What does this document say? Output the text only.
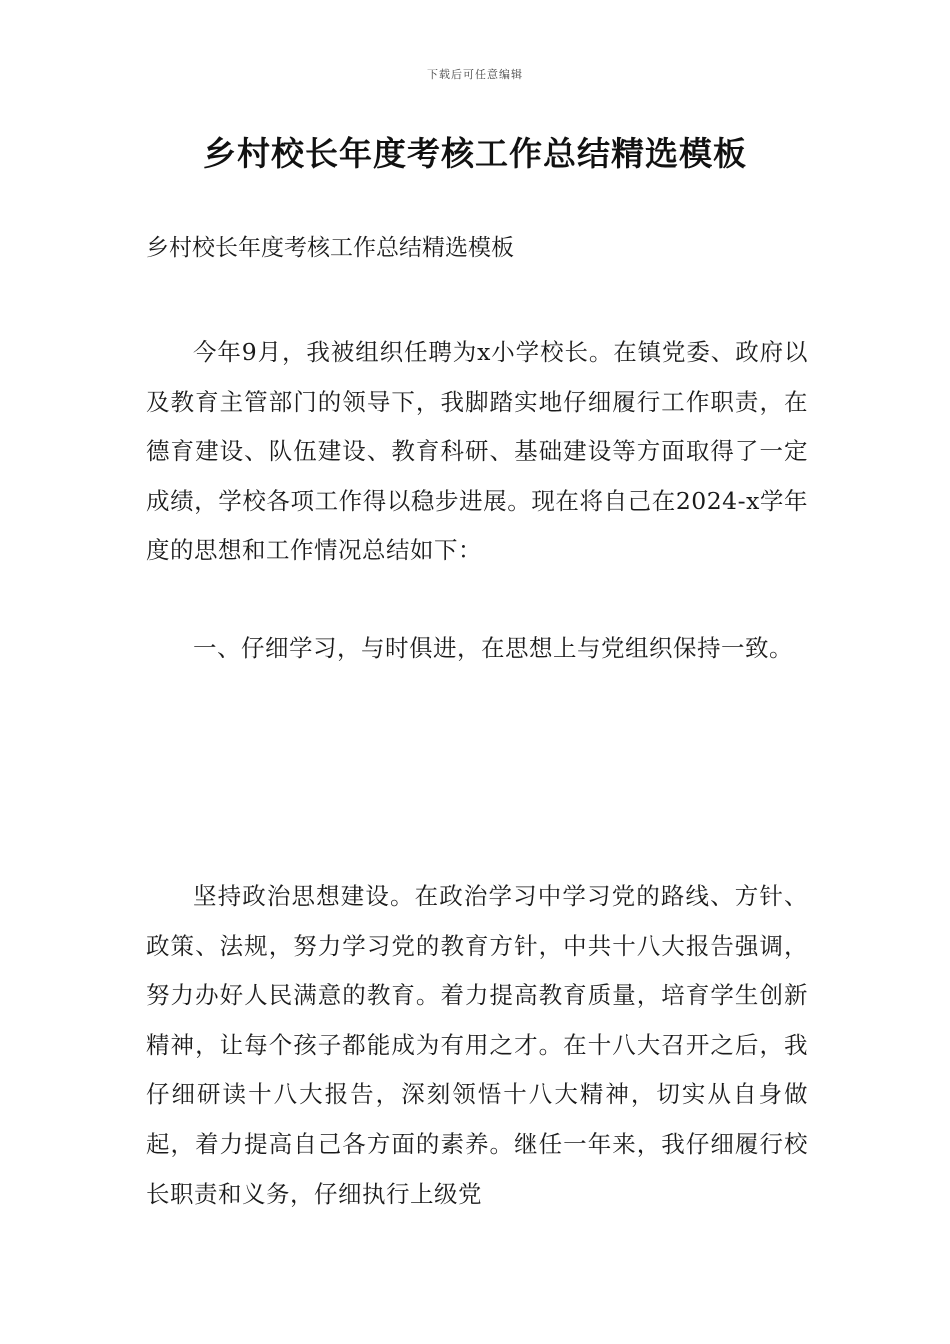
下载后可任意编辑
乡村校长年度考核工作总结精选模板

乡村校长年度考核工作总结精选模板

今年9月，我被组织任聘为x小学校长。在镇党委、政府以及教育主管部门的领导下，我脚踏实地仔细履行工作职责，在德育建设、队伍建设、教育科研、基础建设等方面取得了一定成绩，学校各项工作得以稳步进展。现在将自己在2024-x学年度的思想和工作情况总结如下：

一、仔细学习，与时俱进，在思想上与党组织保持一致。

坚持政治思想建设。在政治学习中学习党的路线、方针、政策、法规，努力学习党的教育方针，中共十八大报告强调，努力办好人民满意的教育。着力提高教育质量，培育学生创新精神，让每个孩子都能成为有用之才。在十八大召开之后，我仔细研读十八大报告，深刻领悟十八大精神，切实从自身做起，着力提高自己各方面的素养。继任一年来，我仔细履行校长职责和义务，仔细执行上级党
